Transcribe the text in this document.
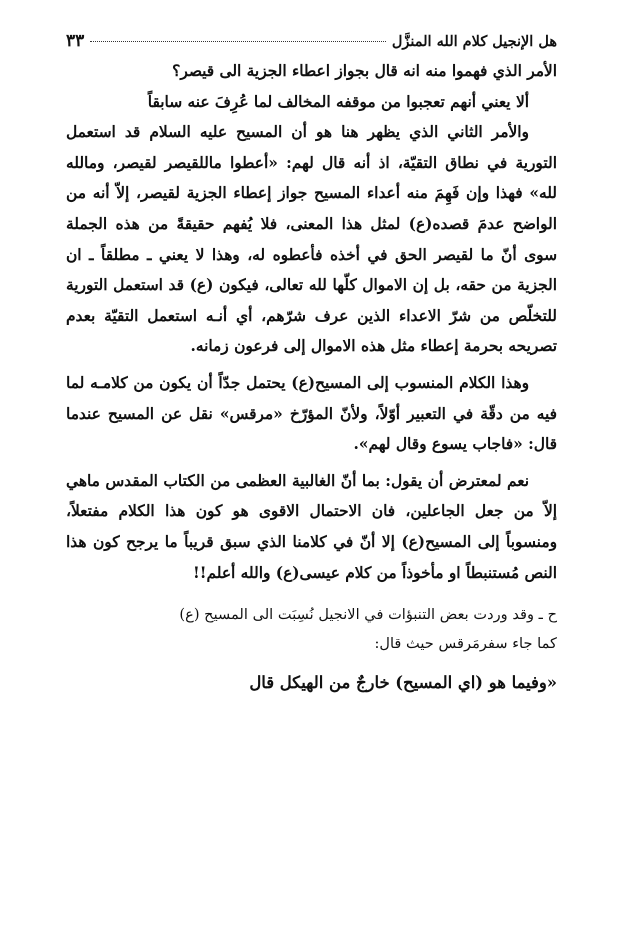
هل الإنجيل كلام الله المنزَّل
٣٣

الأمر الذي فهموا منه انه قال بجواز اعطاء الجزية الى قيصر؟

ألا يعني أنهم تعجبوا من موقفه المخالف لما عُرِفَ عنه سابقاً

والأمر الثاني الذي يظهر هنا هو أن المسيح عليه السلام قد استعمل التورية في نطاق التقيّة، اذ أنه قال لهم: «أعطوا ماللقيصر لقيصر، ومالله لله» فهذا وإن فَهِمَ منه أعداء المسيح جواز إعطاء الجزية لقيصر، إلاّ أنه من الواضح عدمَ قصده(ع) لمثل هذا المعنى، فلا يُفهم حقيقةً من هذه الجملة سوى أنّ ما لقيصر الحق في أخذه فأعطوه له، وهذا لا يعني ـ مطلقاً ـ ان الجزية من حقه، بل إن الاموال كلّها لله تعالى، فيكون (ع) قد استعمل التورية للتخلّص من شرّ الاعداء الذين عرف شرّهم، أي أنـه استعمل التقيّة بعدم تصريحه بحرمة إعطاء مثل هذه الاموال إلى فرعون زمانه.

وهذا الكلام المنسوب إلى المسيح(ع) يحتمل جدّاً أن يكون من كلامـه لما فيه من دقّة في التعبير أوّلاً، ولأنّ المؤرّخ «مرقس» نقل عن المسيح عندما قال: «فاجاب يسوع وقال لهم».

نعم لمعترض أن يقول: بما أنّ الغالبية العظمى من الكتاب المقدس ماهي إلاّ من جعل الجاعلين، فان الاحتمال الاقوى هو كون هذا الكلام مفتعلاً، ومنسوباً إلى المسيح(ع) إلا أنّ في كلامنا الذي سبق قريباً ما يرجح كون هذا النص مُستنبطاً او مأخوذاً من كلام عيسى(ع) والله أعلم!!

ح ـ وقد وردت بعض التنبؤات في الانجيل نُسِبَت الى المسيح (ع)

كما جاء سفرمَرقس حيث قال:

«وفيما هو (اي المسيح) خارجٌ من الهيكل قال
